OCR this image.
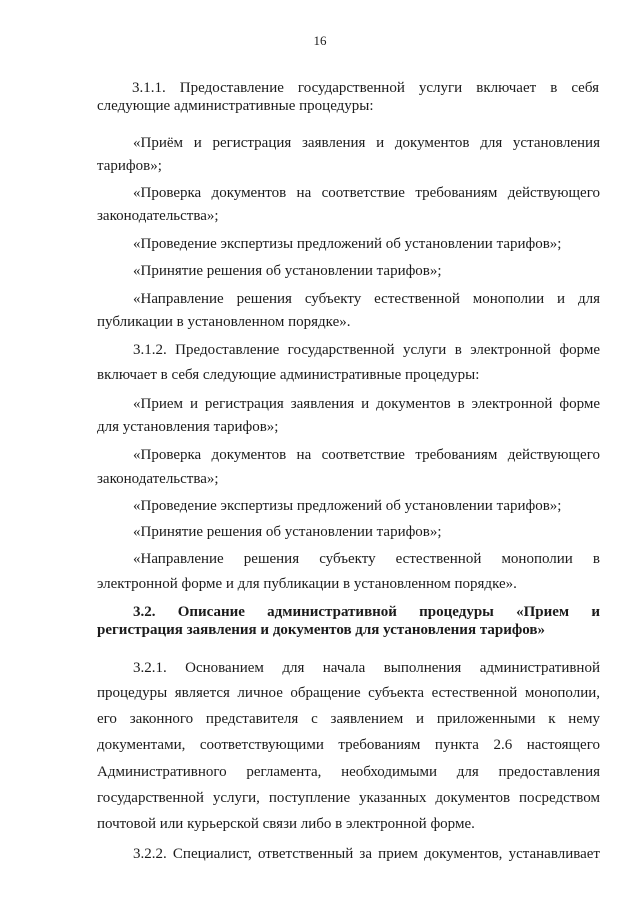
16
3.1.1. Предоставление государственной услуги включает в себя
следующие административные процедуры:
«Приём и регистрация заявления и документов для установления
тарифов»;
«Проверка документов на соответствие требованиям действующего
законодательства»;
«Проведение экспертизы предложений об установлении тарифов»;
«Принятие решения об установлении тарифов»;
«Направление решения субъекту естественной монополии и для
публикации в установленном порядке».
3.1.2. Предоставление государственной услуги в электронной форме
включает в себя следующие административные процедуры:
«Прием и регистрация заявления и документов в электронной форме
для установления тарифов»;
«Проверка документов на соответствие требованиям действующего
законодательства»;
«Проведение экспертизы предложений об установлении тарифов»;
«Принятие решения об установлении тарифов»;
«Направление решения субъекту естественной монополии в
электронной форме и для публикации в установленном порядке».
3.2. Описание административной процедуры «Прием и
регистрация заявления и документов для установления тарифов»
3.2.1. Основанием для начала выполнения административной
процедуры является личное обращение субъекта естественной монополии,
его законного представителя с заявлением и приложенными к нему
документами, соответствующими требованиям пункта 2.6 настоящего
Административного регламента, необходимыми для предоставления
государственной услуги, поступление указанных документов посредством
почтовой или курьерской связи либо в электронной форме.
3.2.2. Специалист, ответственный за прием документов, устанавливает
